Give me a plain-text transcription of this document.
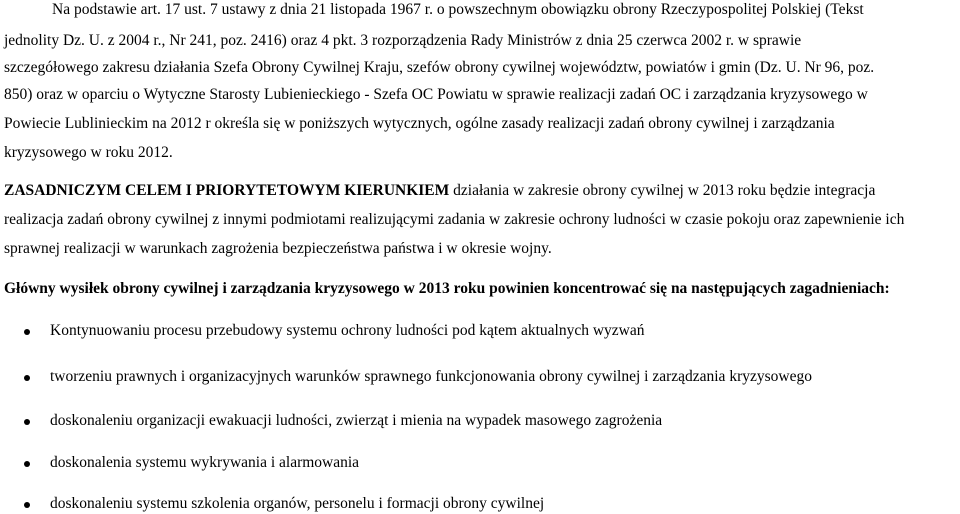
Na podstawie art. 17 ust. 7 ustawy z dnia 21 listopada 1967 r. o powszechnym obowiązku obrony Rzeczypospolitej Polskiej (Tekst
jednolity Dz. U. z 2004 r., Nr 241, poz. 2416) oraz 4 pkt. 3 rozporządzenia Rady Ministrów z dnia 25 czerwca 2002 r. w sprawie
szczegółowego zakresu działania Szefa Obrony Cywilnej Kraju, szefów obrony cywilnej województw, powiatów i gmin (Dz. U. Nr 96, poz.
850) oraz w oparciu o Wytyczne Starosty Lubienieckiego - Szefa OC Powiatu w sprawie realizacji zadań OC i zarządzania kryzysowego w
Powiecie Lublinieckim na 2012 r określa się w poniższych wytycznych, ogólne zasady realizacji zadań obrony cywilnej i zarządzania
kryzysowego w roku 2012.
ZASADNICZYM CELEM I PRIORYTETOWYM KIERUNKIEM działania w zakresie obrony cywilnej w 2013 roku będzie integracja
realizacja zadań obrony cywilnej z innymi podmiotami realizującymi zadania w zakresie ochrony ludności w czasie pokoju oraz zapewnienie ich
sprawnej realizacji w warunkach zagrożenia bezpieczeństwa państwa i w okresie wojny.
Główny wysiłek obrony cywilnej i zarządzania kryzysowego w 2013 roku powinien koncentrować się na następujących zagadnieniach:
Kontynuowaniu procesu przebudowy systemu ochrony ludności pod kątem aktualnych wyzwań
tworzeniu prawnych i organizacyjnych warunków sprawnego funkcjonowania obrony cywilnej i zarządzania kryzysowego
doskonaleniu organizacji ewakuacji ludności, zwierząt i mienia na wypadek masowego zagrożenia
doskonalenia systemu wykrywania i alarmowania
doskonaleniu systemu szkolenia organów, personelu i formacji obrony cywilnej
